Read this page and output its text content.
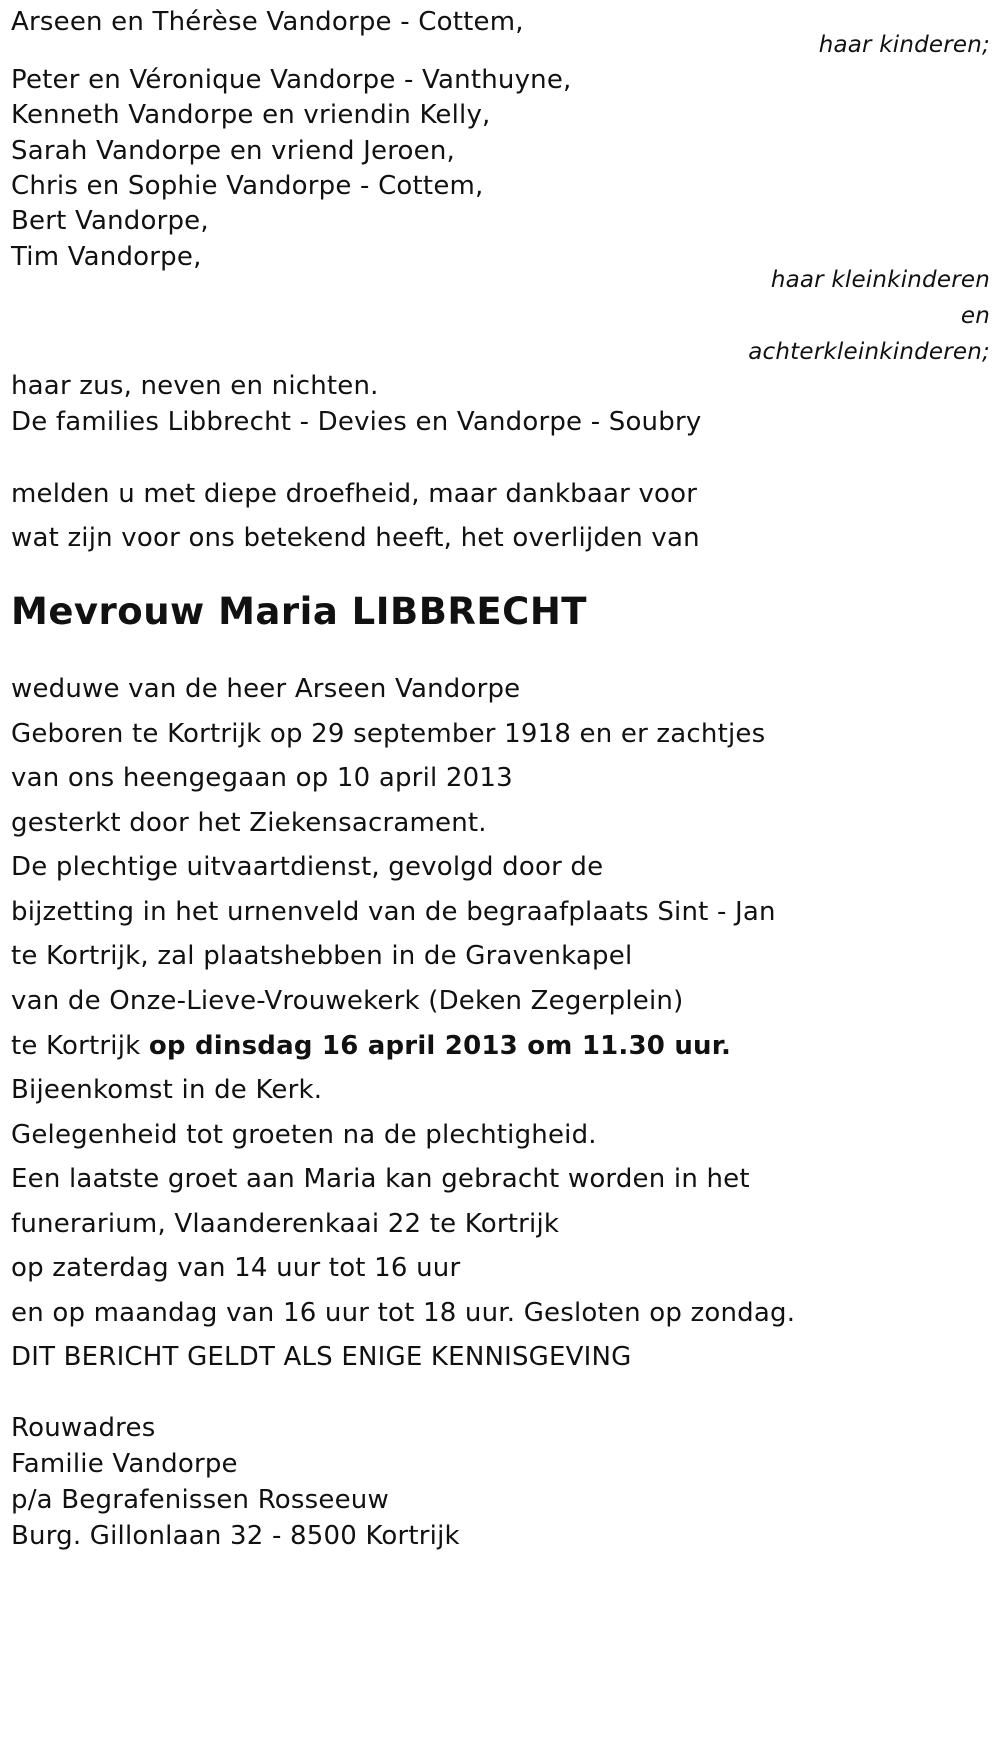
Arseen en Thérèse Vandorpe - Cottem,
haar kinderen;
Peter en Véronique Vandorpe - Vanthuyne,
Kenneth Vandorpe en vriendin Kelly,
Sarah Vandorpe en vriend Jeroen,
Chris en Sophie Vandorpe - Cottem,
Bert Vandorpe,
Tim Vandorpe,
haar kleinkinderen
en
achterkleinkinderen;
haar zus, neven en nichten.
De families Libbrecht - Devies en Vandorpe - Soubry
melden u met diepe droefheid, maar dankbaar voor
wat zijn voor ons betekend heeft, het overlijden van
Mevrouw Maria LIBBRECHT
weduwe van de heer Arseen Vandorpe
Geboren te Kortrijk op 29 september 1918 en er zachtjes
van ons heengegaan op 10 april 2013
gesterkt door het Ziekensacrament.
De plechtige uitvaartdienst, gevolgd door de
bijzetting in het urnenveld van de begraafplaats Sint - Jan
te Kortrijk, zal plaatshebben in de Gravenkapel
van de Onze-Lieve-Vrouwekerk (Deken Zegerplein)
te Kortrijk op dinsdag 16 april 2013 om 11.30 uur.
Bijeenkomst in de Kerk.
Gelegenheid tot groeten na de plechtigheid.
Een laatste groet aan Maria kan gebracht worden in het
funerarium, Vlaanderenkaai 22 te Kortrijk
op zaterdag van 14 uur tot 16 uur
en op maandag van 16 uur tot 18 uur. Gesloten op zondag.
DIT BERICHT GELDT ALS ENIGE KENNISGEVING
Rouwadres
Familie Vandorpe
p/a Begrafenissen Rosseeuw
Burg. Gillonlaan 32 - 8500 Kortrijk
